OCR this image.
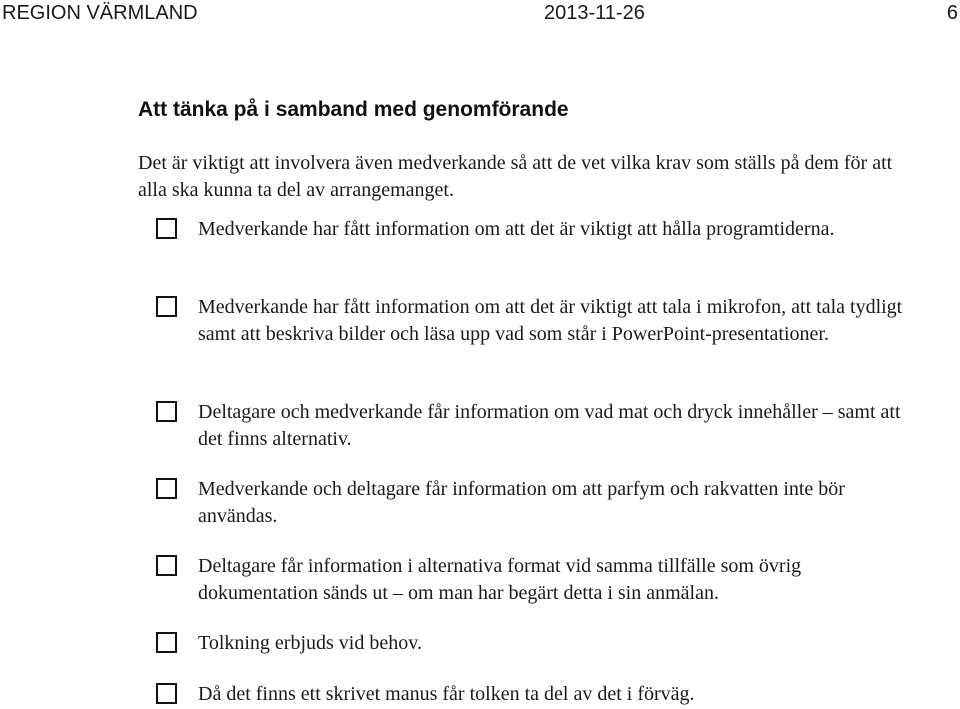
REGION VÄRMLAND	2013-11-26	6
Att tänka på i samband med genomförande

Det är viktigt att involvera även medverkande så att de vet vilka krav som ställs på dem för att alla ska kunna ta del av arrangemanget.

Medverkande har fått information om att det är viktigt att hålla programtiderna.

Medverkande har fått information om att det är viktigt att tala i mikrofon, att tala tydligt samt att beskriva bilder och läsa upp vad som står i PowerPoint-presentationer.

Deltagare och medverkande får information om vad mat och dryck innehåller – samt att det finns alternativ.

Medverkande och deltagare får information om att parfym och rakvatten inte bör användas.

Deltagare får information i alternativa format vid samma tillfälle som övrig dokumentation sänds ut – om man har begärt detta i sin anmälan.

Tolkning erbjuds vid behov.

Då det finns ett skrivet manus får tolken ta del av det i förväg.
